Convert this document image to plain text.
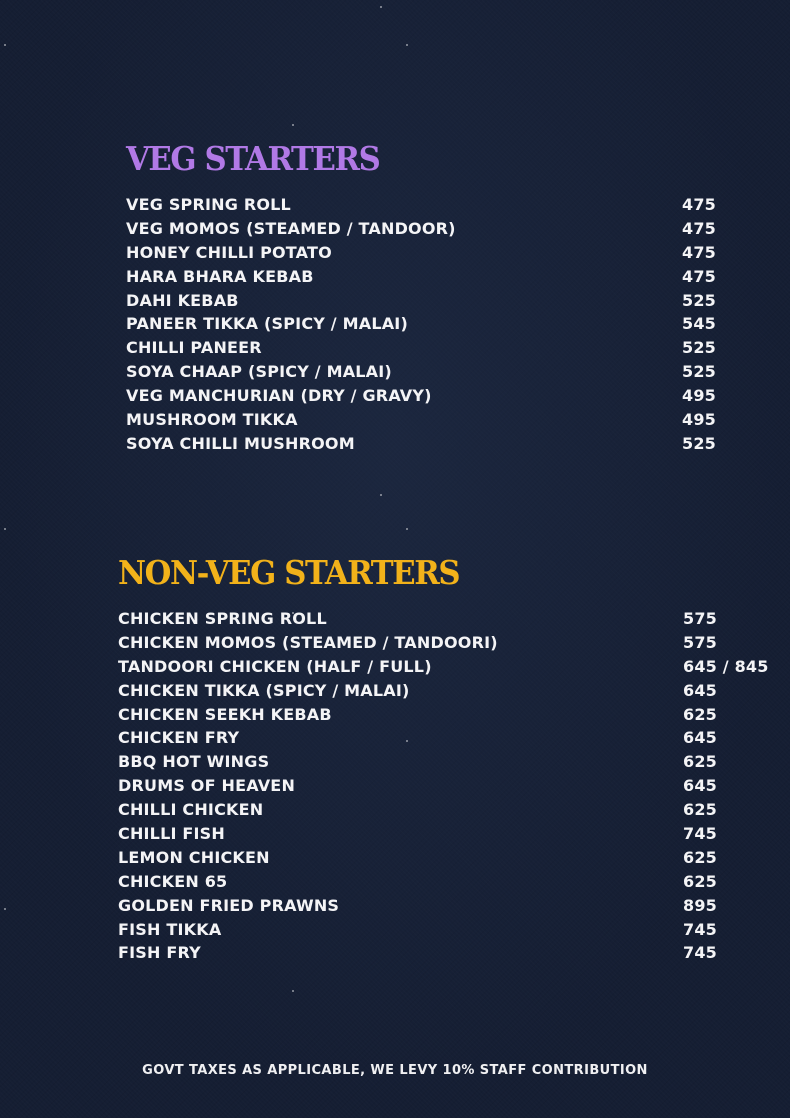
VEG STARTERS
VEG SPRING ROLL	475
VEG MOMOS (STEAMED / TANDOOR)	475
HONEY CHILLI POTATO	475
HARA BHARA KEBAB	475
DAHI KEBAB	525
PANEER TIKKA (SPICY / MALAI)	545
CHILLI PANEER	525
SOYA CHAAP (SPICY / MALAI)	525
VEG MANCHURIAN (DRY / GRAVY)	495
MUSHROOM TIKKA	495
SOYA CHILLI MUSHROOM	525
NON-VEG STARTERS
CHICKEN SPRING ROLL	575
CHICKEN MOMOS (STEAMED / TANDOORI)	575
TANDOORI CHICKEN (HALF / FULL)	645 / 845
CHICKEN TIKKA (SPICY / MALAI)	645
CHICKEN SEEKH KEBAB	625
CHICKEN FRY	645
BBQ HOT WINGS	625
DRUMS OF HEAVEN	645
CHILLI CHICKEN	625
CHILLI FISH	745
LEMON CHICKEN	625
CHICKEN 65	625
GOLDEN FRIED PRAWNS	895
FISH TIKKA	745
FISH FRY	745
GOVT TAXES AS APPLICABLE, WE LEVY 10% STAFF CONTRIBUTION
